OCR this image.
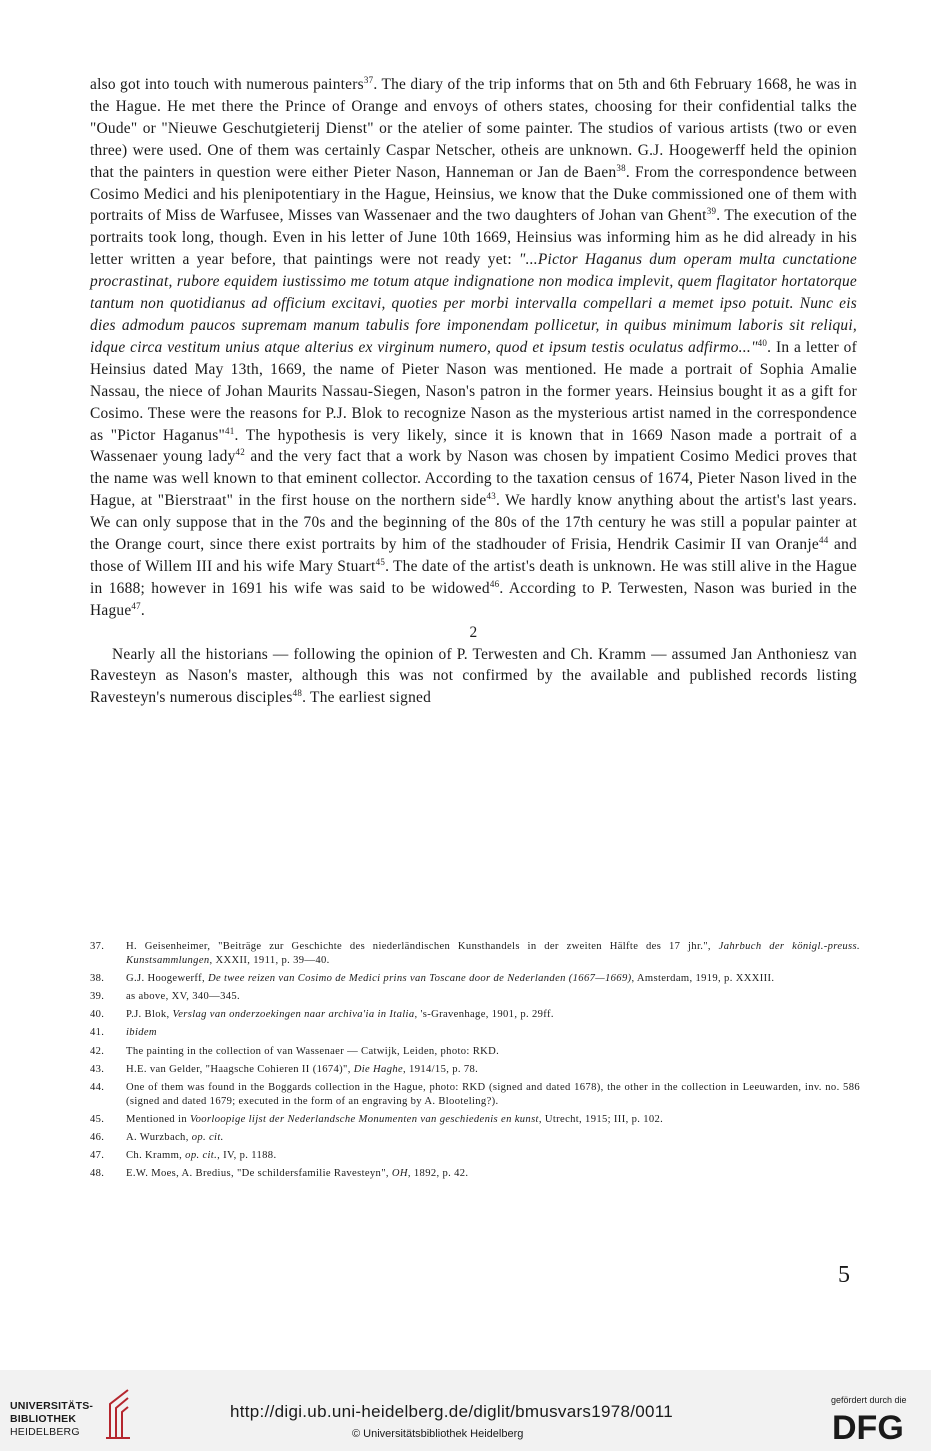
also got into touch with numerous painters$^{37}$. The diary of the trip informs that on 5th and 6th February 1668, he was in the Hague. He met there the Prince of Orange and envoys of others states, choosing for their confidential talks the "Oude" or "Nieuwe Geschutgieterij Dienst" or the atelier of some painter. The studios of various artists (two or even three) were used. One of them was certainly Caspar Netscher, otheis are unknown. G.J. Hoogewerff held the opinion that the painters in question were either Pieter Nason, Hanneman or Jan de Baen$^{38}$. From the correspondence between Cosimo Medici and his plenipotentiary in the Hague, Heinsius, we know that the Duke commissioned one of them with portraits of Miss de Warfusee, Misses van Wassenaer and the two daughters of Johan van Ghent$^{39}$. The execution of the portraits took long, though. Even in his letter of June 10th 1669, Heinsius was informing him as he did already in his letter written a year before, that paintings were not ready yet: "...Pictor Haganus dum operam multa cunctatione procrastinat, rubore equidem iustissimo me totum atque indignatione non modica implevit, quem flagitator hortatorque tantum non quotidianus ad officium excitavi, quoties per morbi intervalla compellari a memet ipso potuit. Nunc eis dies admodum paucos supremam manum tabulis fore imponendam pollicetur, in quibus minimum laboris sit reliqui, idque circa vestitum unius atque alterius ex virginum numero, quod et ipsum testis oculatus adfirmo..."$^{40}$. In a letter of Heinsius dated May 13th, 1669, the name of Pieter Nason was mentioned. He made a portrait of Sophia Amalie Nassau, the niece of Johan Maurits Nassau-Siegen, Nason's patron in the former years. Heinsius bought it as a gift for Cosimo. These were the reasons for P.J. Blok to recognize Nason as the mysterious artist named in the correspondence as "Pictor Haganus"$^{41}$. The hypothesis is very likely, since it is known that in 1669 Nason made a portrait of a Wassenaer young lady$^{42}$ and the very fact that a work by Nason was chosen by impatient Cosimo Medici proves that the name was well known to that eminent collector. According to the taxation census of 1674, Pieter Nason lived in the Hague, at "Bierstraat" in the first house on the northern side$^{43}$. We hardly know anything about the artist's last years. We can only suppose that in the 70s and the beginning of the 80s of the 17th century he was still a popular painter at the Orange court, since there exist portraits by him of the stadhouder of Frisia, Hendrik Casimir II van Oranje$^{44}$ and those of Willem III and his wife Mary Stuart$^{45}$. The date of the artist's death is unknown. He was still alive in the Hague in 1688; however in 1691 his wife was said to be widowed$^{46}$. According to P. Terwesten, Nason was buried in the Hague$^{47}$.

2

Nearly all the historians — following the opinion of P. Terwesten and Ch. Kramm — assumed Jan Anthoniesz van Ravesteyn as Nason's master, although this was not confirmed by the available and published records listing Ravesteyn's numerous disciples$^{48}$. The earliest signed

37.	H. Geisenheimer, "Beiträge zur Geschichte des niederländischen Kunsthandels in der zweiten Hälfte des 17 jhr.", Jahrbuch der königl.-preuss. Kunstsammlungen, XXXII, 1911, p. 39—40.
38.	G.J. Hoogewerff, De twee reizen van Cosimo de Medici prins van Toscane door de Nederlanden (1667—1669), Amsterdam, 1919, p. XXXIII.
39.	as above, XV, 340—345.
40.	P.J. Blok, Verslag van onderzoekingen naar archiva'ia in Italia, 's-Gravenhage, 1901, p. 29ff.
41.	ibidem
42.	The painting in the collection of van Wassenaer — Catwijk, Leiden, photo: RKD.
43.	H.E. van Gelder, "Haagsche Cohieren II (1674)", Die Haghe, 1914/15, p. 78.
44.	One of them was found in the Boggards collection in the Hague, photo: RKD (signed and dated 1678), the other in the collection in Leeuwarden, inv. no. 586 (signed and dated 1679; executed in the form of an engraving by A. Blooteling?).
45.	Mentioned in Voorloopige lijst der Nederlandsche Monumenten van geschiedenis en kunst, Utrecht, 1915; III, p. 102.
46.	A. Wurzbach, op. cit.
47.	Ch. Kramm, op. cit., IV, p. 1188.
48.	E.W. Moes, A. Bredius, "De schildersfamilie Ravesteyn", OH, 1892, p. 42.
5
UNIVERSITÄTS-
BIBLIOTHEK
HEIDELBERG
http://digi.ub.uni-heidelberg.de/diglit/bmusvars1978/0011
© Universitätsbibliothek Heidelberg
gefördert durch die
DFG
